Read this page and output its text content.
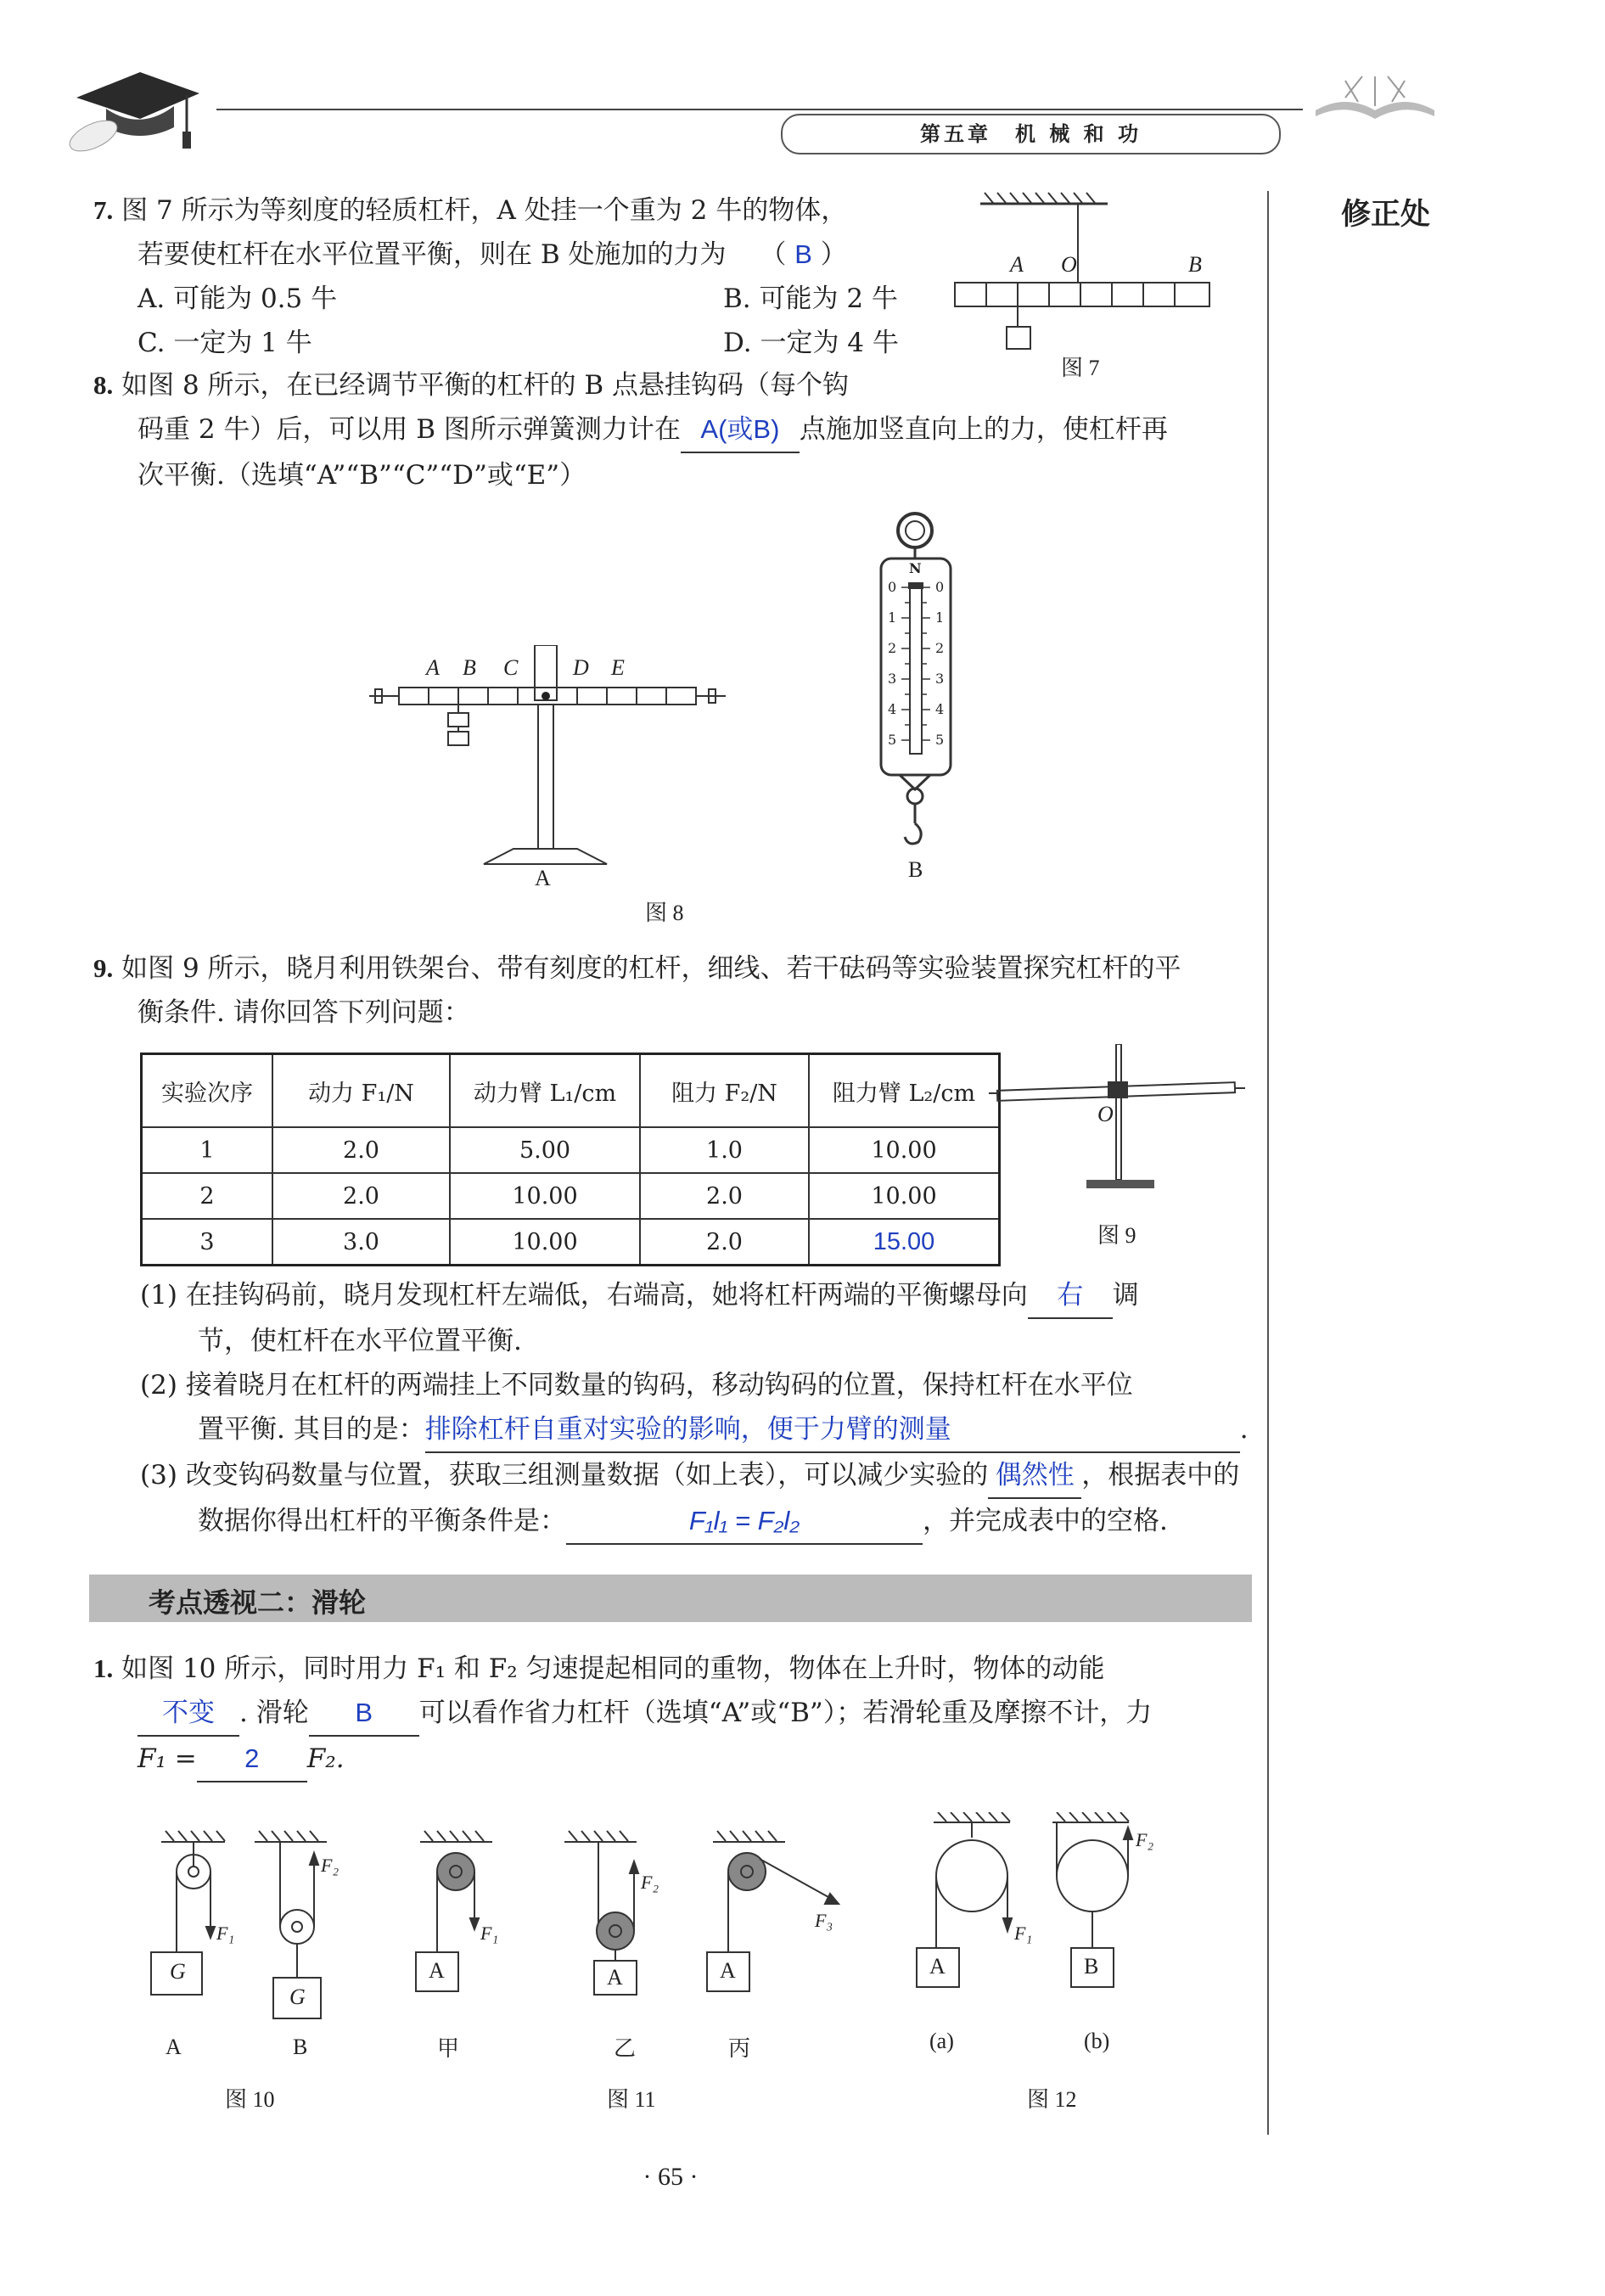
第五章　机 械 和 功
修正处
7. 图 7 所示为等刻度的轻质杠杆，A 处挂一个重为 2 牛的物体，
若要使杠杆在水平位置平衡，则在 B 处施加的力为 （ B ）
A. 可能为 0.5 牛	B. 可能为 2 牛
C. 一定为 1 牛	D. 一定为 4 牛
A O	B
图 7
8. 如图 8 所示，在已经调节平衡的杠杆的 B 点悬挂钩码（每个钩
码重 2 牛）后，可以用 B 图所示弹簧测力计在 A(或B) 点施加竖直向上的力，使杠杆再
次平衡.（选填“A”“B”“C”“D”或“E”）
A B C D E
A
N
0
1
2
3
4
5
0
1
2
3
4
5
B
图 8
9. 如图 9 所示，晓月利用铁架台、带有刻度的杠杆，细线、若干砝码等实验装置探究杠杆的平
衡条件. 请你回答下列问题：
实验次序	动力 F₁/N	动力臂 L₁/cm	阻力 F₂/N	阻力臂 L₂/cm
1	2.0	5.00	1.0	10.00
2	2.0	10.00	2.0	10.00
3	3.0	10.00	2.0	15.00
O
图 9
(1) 在挂钩码前，晓月发现杠杆左端低，右端高，她将杠杆两端的平衡螺母向 右 调
节，使杠杆在水平位置平衡.
(2) 接着晓月在杠杆的两端挂上不同数量的钩码，移动钩码的位置，保持杠杆在水平位
置平衡. 其目的是：排除杠杆自重对实验的影响，便于力臂的测量	.
(3) 改变钩码数量与位置，获取三组测量数据（如上表），可以减少实验的 偶然性 ，根据表中的
数据你得出杠杆的平衡条件是：	F₁l₁ = F₂l₂	，并完成表中的空格.
考点透视二：滑轮
1. 如图 10 所示，同时用力 F₁ 和 F₂ 匀速提起相同的重物，物体在上升时，物体的动能
不变 . 滑轮 B 可以看作省力杠杆（选填“A”或“B”）；若滑轮重及摩擦不计，力
F₁ = 2 F₂.
G
G
F₁
F₂
A
F₁
A
F₂
A
F₃
A
F₁
B
F₂
A	B	甲	乙	丙	(a)	(b)
图 10	图 11	图 12
· 65 ·
